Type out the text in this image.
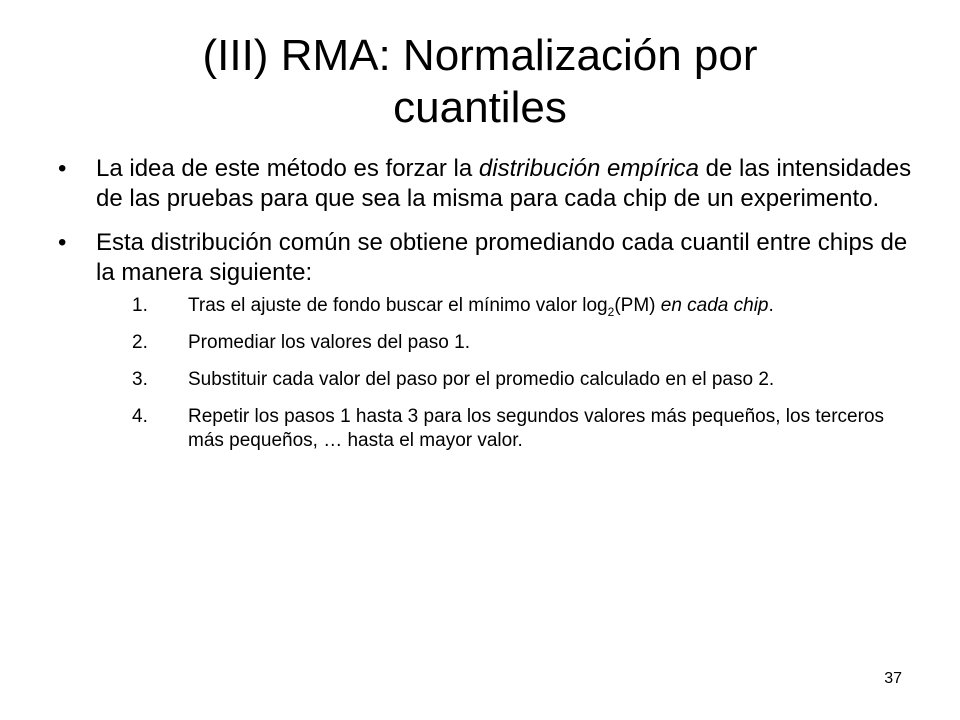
(III) RMA: Normalización por
cuantiles
•	La idea de este método es forzar la distribución empírica de las intensidades de las pruebas para que sea la misma para cada chip de un experimento.
•	Esta distribución común se obtiene promediando cada cuantil entre chips de la manera siguiente:
1. Tras el ajuste de fondo buscar el mínimo valor $\log_2(PM)$ en cada chip.
2. Promediar los valores del paso 1.
3. Substituir cada valor del paso por el promedio calculado en el paso 2.
4. Repetir los pasos 1 hasta 3 para los segundos valores más pequeños, los terceros más pequeños, … hasta el mayor valor.
37
